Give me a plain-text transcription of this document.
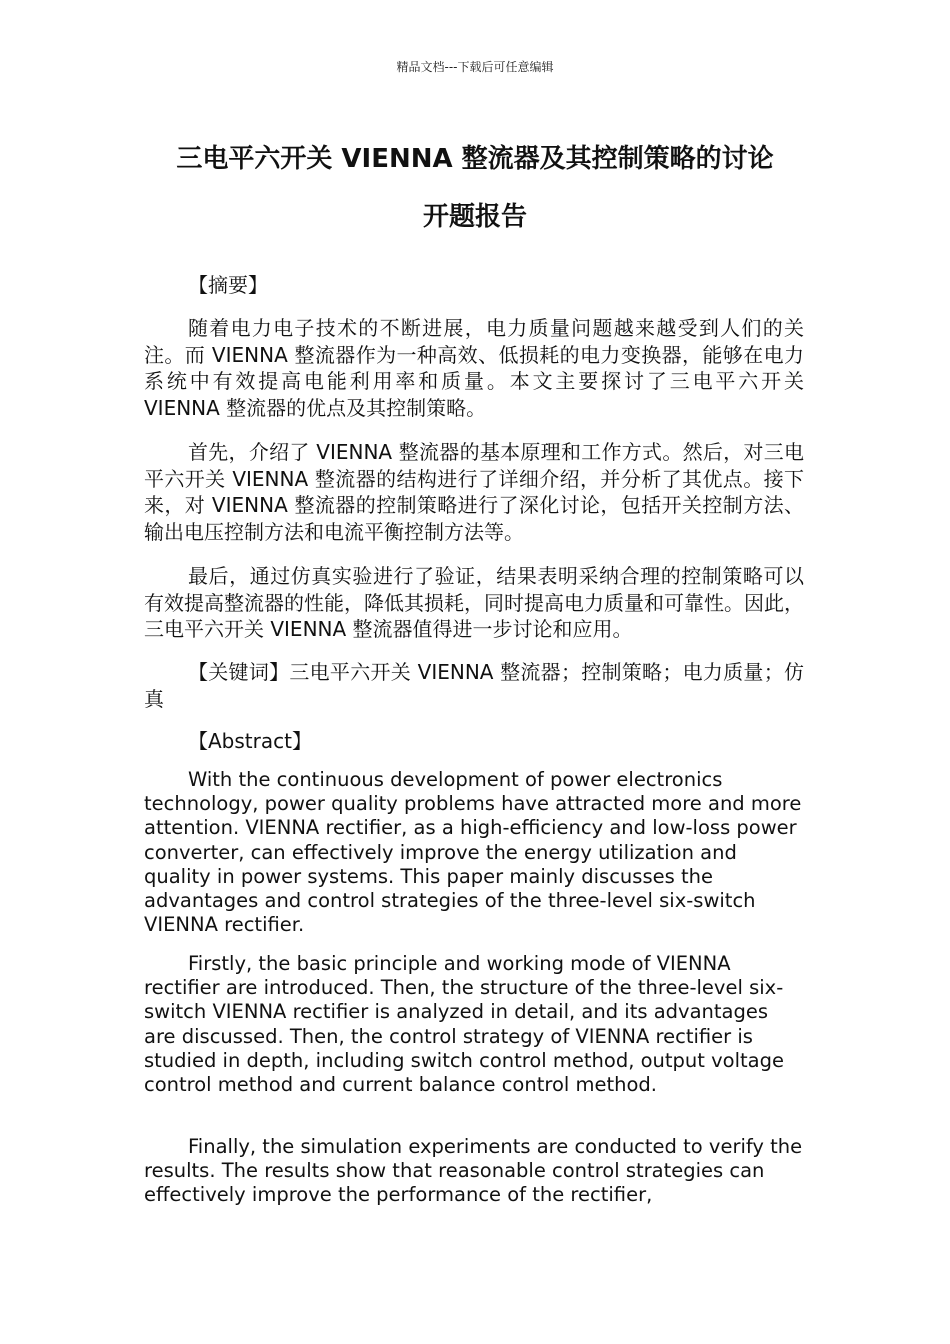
精品文档---下载后可任意编辑
三电平六开关 VIENNA 整流器及其控制策略的讨论
开题报告

【摘要】

随着电力电子技术的不断进展，电力质量问题越来越受到人们的关注。而 VIENNA 整流器作为一种高效、低损耗的电力变换器，能够在电力系统中有效提高电能利用率和质量。本文主要探讨了三电平六开关 VIENNA 整流器的优点及其控制策略。

首先，介绍了 VIENNA 整流器的基本原理和工作方式。然后，对三电平六开关 VIENNA 整流器的结构进行了详细介绍，并分析了其优点。接下来，对 VIENNA 整流器的控制策略进行了深化讨论，包括开关控制方法、输出电压控制方法和电流平衡控制方法等。

最后，通过仿真实验进行了验证，结果表明采纳合理的控制策略可以有效提高整流器的性能，降低其损耗，同时提高电力质量和可靠性。因此，三电平六开关 VIENNA 整流器值得进一步讨论和应用。

【关键词】三电平六开关 VIENNA 整流器；控制策略；电力质量；仿真

【Abstract】

With the continuous development of power electronics technology, power quality problems have attracted more and more attention. VIENNA rectifier, as a high-efficiency and low-loss power converter, can effectively improve the energy utilization and quality in power systems. This paper mainly discusses the advantages and control strategies of the three-level six-switch VIENNA rectifier.

Firstly, the basic principle and working mode of VIENNA rectifier are introduced. Then, the structure of the three-level six-switch VIENNA rectifier is analyzed in detail, and its advantages are discussed. Then, the control strategy of VIENNA rectifier is studied in depth, including switch control method, output voltage control method and current balance control method.

Finally, the simulation experiments are conducted to verify the results. The results show that reasonable control strategies can effectively improve the performance of the rectifier,
